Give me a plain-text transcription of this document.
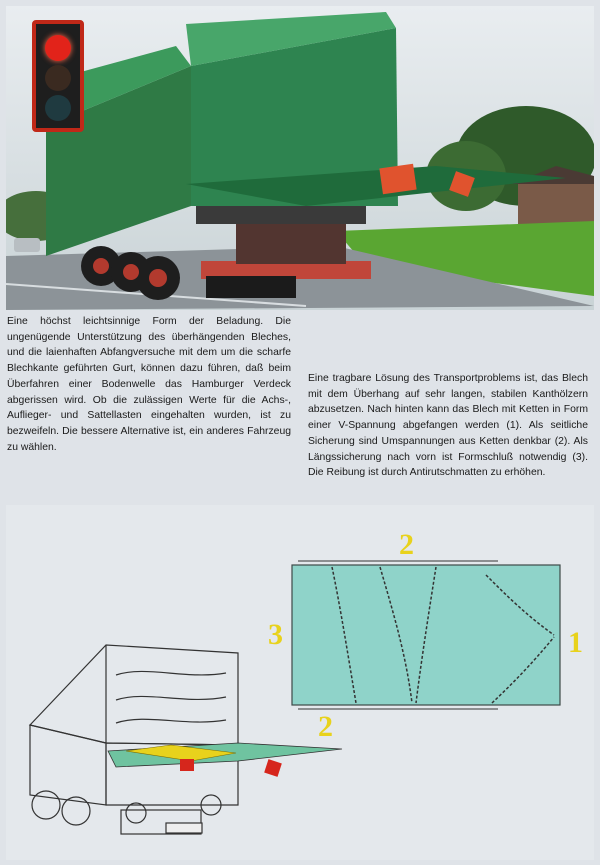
Eine höchst leichtsinnige Form der Beladung. Die ungenügende Unterstützung des überhängenden Bleches, und die laienhaften Abfangversuche mit dem um die scharfe Blechkante geführten Gurt, können dazu führen, daß beim Überfahren einer Bodenwelle das Hamburger Verdeck abgerissen wird. Ob die zulässigen Werte für die Achs-, Auflieger- und Sattellasten eingehalten wurden, ist zu bezweifeln. Die bessere Alternative ist, ein anderes Fahrzeug zu wählen.

Eine tragbare Lösung des Transportproblems ist, das Blech mit dem Überhang auf sehr langen, stabilen Kanthölzern abzusetzen. Nach hinten kann das Blech mit Ketten in Form einer V-Spannung abgefangen werden (1). Als seitliche Sicherung sind Umspannungen aus Ketten denkbar (2). Als Längssicherung nach vorn ist Formschluß notwendig (3). Die Reibung ist durch Antirutschmatten zu erhöhen.

2
3	1
2
